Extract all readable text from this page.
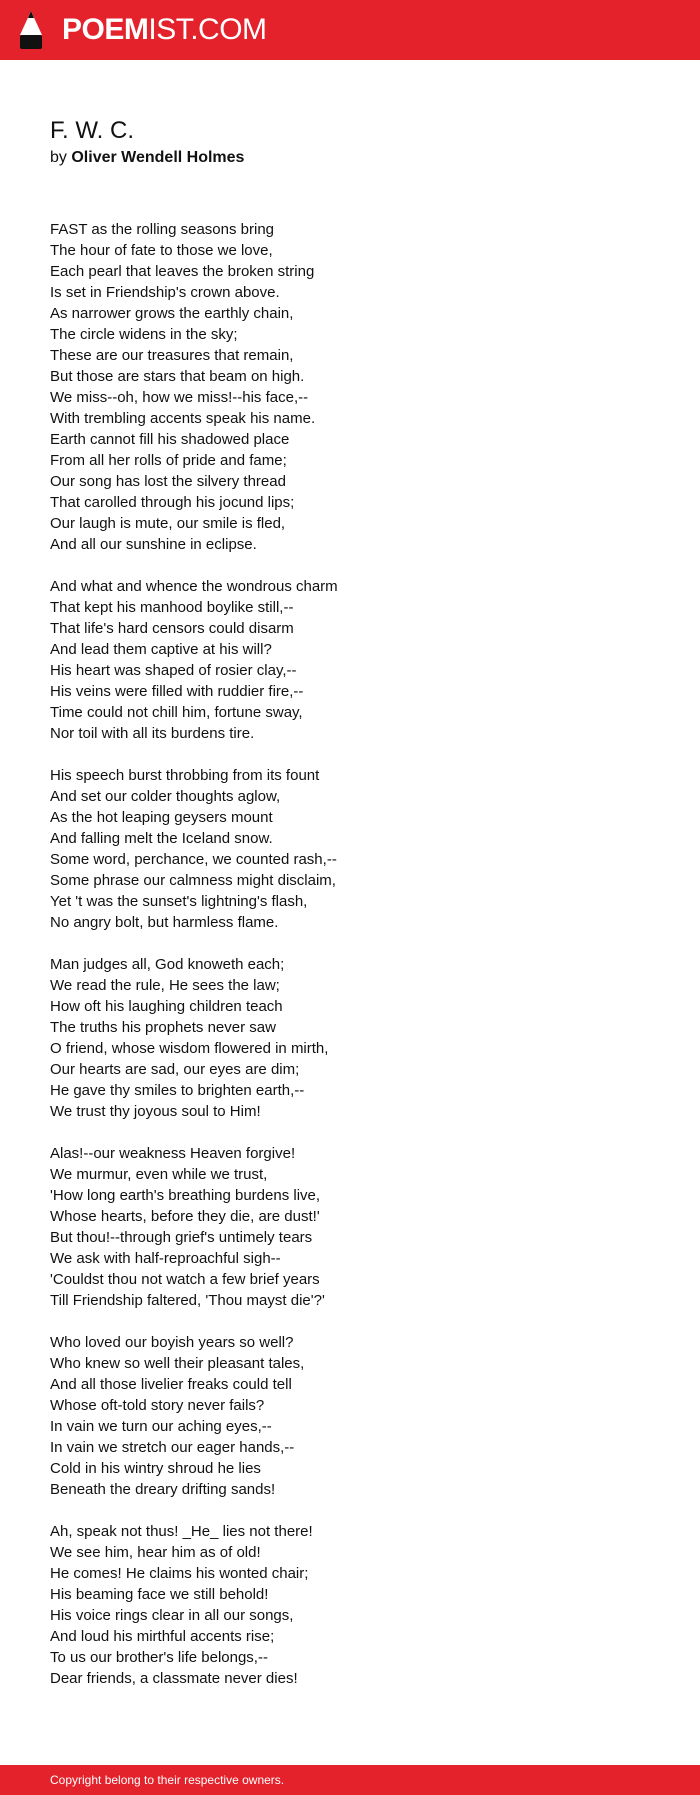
POEMIST.COM
F. W. C.
by Oliver Wendell Holmes
FAST as the rolling seasons bring
The hour of fate to those we love,
Each pearl that leaves the broken string
Is set in Friendship's crown above.
As narrower grows the earthly chain,
The circle widens in the sky;
These are our treasures that remain,
But those are stars that beam on high.
We miss--oh, how we miss!--his face,--
With trembling accents speak his name.
Earth cannot fill his shadowed place
From all her rolls of pride and fame;
Our song has lost the silvery thread
That carolled through his jocund lips;
Our laugh is mute, our smile is fled,
And all our sunshine in eclipse.
And what and whence the wondrous charm
That kept his manhood boylike still,--
That life's hard censors could disarm
And lead them captive at his will?
His heart was shaped of rosier clay,--
His veins were filled with ruddier fire,--
Time could not chill him, fortune sway,
Nor toil with all its burdens tire.
His speech burst throbbing from its fount
And set our colder thoughts aglow,
As the hot leaping geysers mount
And falling melt the Iceland snow.
Some word, perchance, we counted rash,--
Some phrase our calmness might disclaim,
Yet 't was the sunset's lightning's flash,
No angry bolt, but harmless flame.
Man judges all, God knoweth each;
We read the rule, He sees the law;
How oft his laughing children teach
The truths his prophets never saw
O friend, whose wisdom flowered in mirth,
Our hearts are sad, our eyes are dim;
He gave thy smiles to brighten earth,--
We trust thy joyous soul to Him!
Alas!--our weakness Heaven forgive!
We murmur, even while we trust,
'How long earth's breathing burdens live,
Whose hearts, before they die, are dust!'
But thou!--through grief's untimely tears
We ask with half-reproachful sigh--
'Couldst thou not watch a few brief years
Till Friendship faltered, 'Thou mayst die'?'
Who loved our boyish years so well?
Who knew so well their pleasant tales,
And all those livelier freaks could tell
Whose oft-told story never fails?
In vain we turn our aching eyes,--
In vain we stretch our eager hands,--
Cold in his wintry shroud he lies
Beneath the dreary drifting sands!
Ah, speak not thus! _He_ lies not there!
We see him, hear him as of old!
He comes! He claims his wonted chair;
His beaming face we still behold!
His voice rings clear in all our songs,
And loud his mirthful accents rise;
To us our brother's life belongs,--
Dear friends, a classmate never dies!
Copyright belong to their respective owners.
